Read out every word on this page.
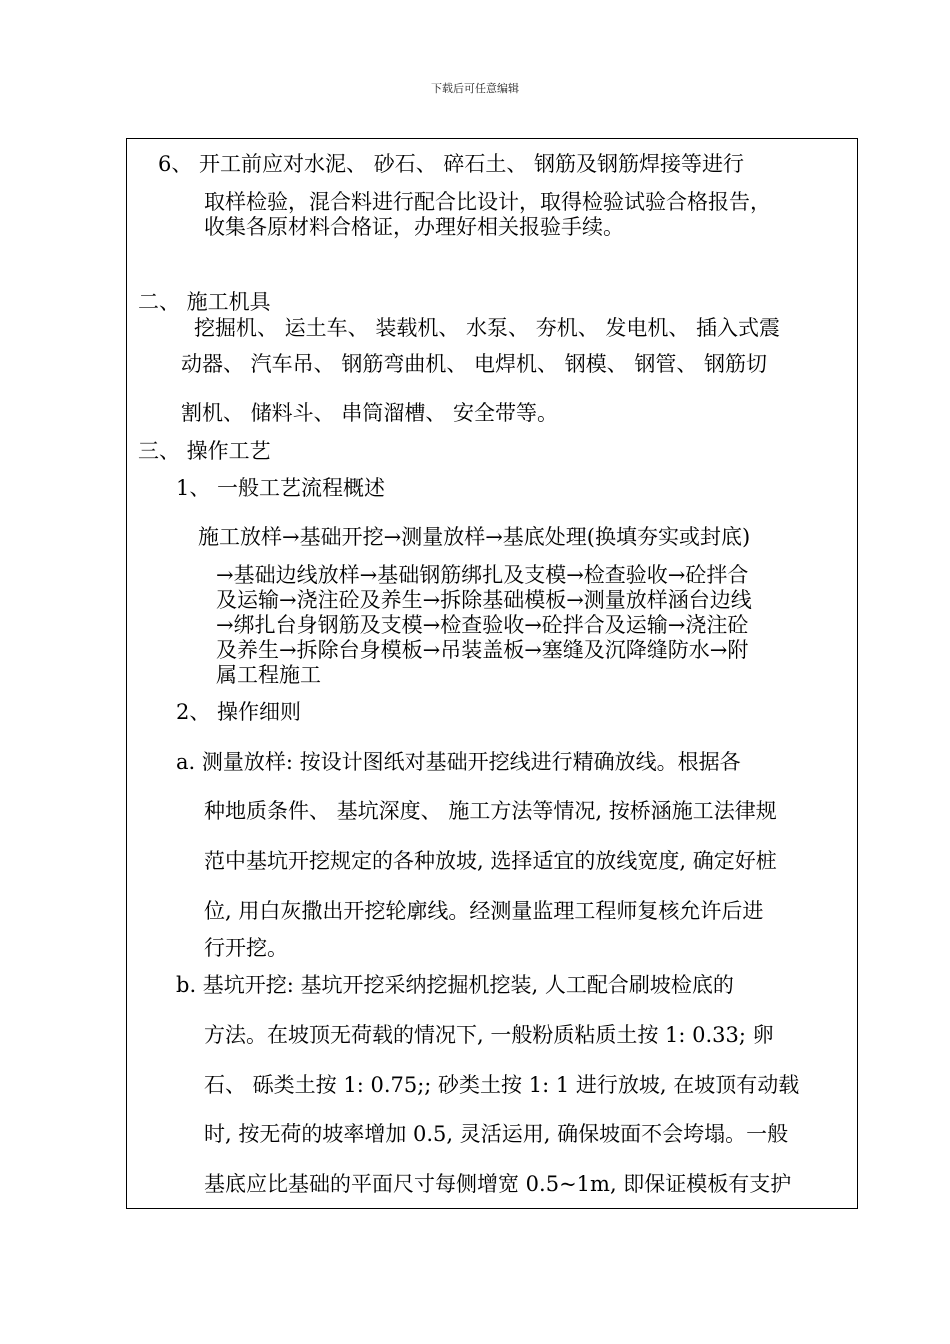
下载后可任意编辑
6、 开工前应对水泥、 砂石、 碎石土、 钢筋及钢筋焊接等进行
取样检验，混合料进行配合比设计，取得检验试验合格报告，
收集各原材料合格证，办理好相关报验手续。
二、 施工机具
挖掘机、 运土车、 装载机、 水泵、 夯机、 发电机、 插入式震
动器、 汽车吊、 钢筋弯曲机、 电焊机、 钢模、 钢管、 钢筋切
割机、 储料斗、 串筒溜槽、 安全带等。
三、 操作工艺
1、 一般工艺流程概述
施工放样→基础开挖→测量放样→基底处理(换填夯实或封底)
→基础边线放样→基础钢筋绑扎及支模→检查验收→砼拌合
及运输→浇注砼及养生→拆除基础模板→测量放样涵台边线
→绑扎台身钢筋及支模→检查验收→砼拌合及运输→浇注砼
及养生→拆除台身模板→吊装盖板→塞缝及沉降缝防水→附
属工程施工
2、 操作细则
a. 测量放样: 按设计图纸对基础开挖线进行精确放线。根据各
种地质条件、 基坑深度、 施工方法等情况, 按桥涵施工法律规
范中基坑开挖规定的各种放坡, 选择适宜的放线宽度, 确定好桩
位, 用白灰撒出开挖轮廓线。经测量监理工程师复核允许后进
行开挖。
b. 基坑开挖: 基坑开挖采纳挖掘机挖装, 人工配合刷坡检底的
方法。在坡顶无荷载的情况下, 一般粉质粘质土按 1: 0.33; 卵
石、 砾类土按 1: 0.75;; 砂类土按 1: 1 进行放坡, 在坡顶有动载
时, 按无荷的坡率增加 0.5, 灵活运用, 确保坡面不会垮塌。一般
基底应比基础的平面尺寸每侧增宽 0.5~1m, 即保证模板有支护
